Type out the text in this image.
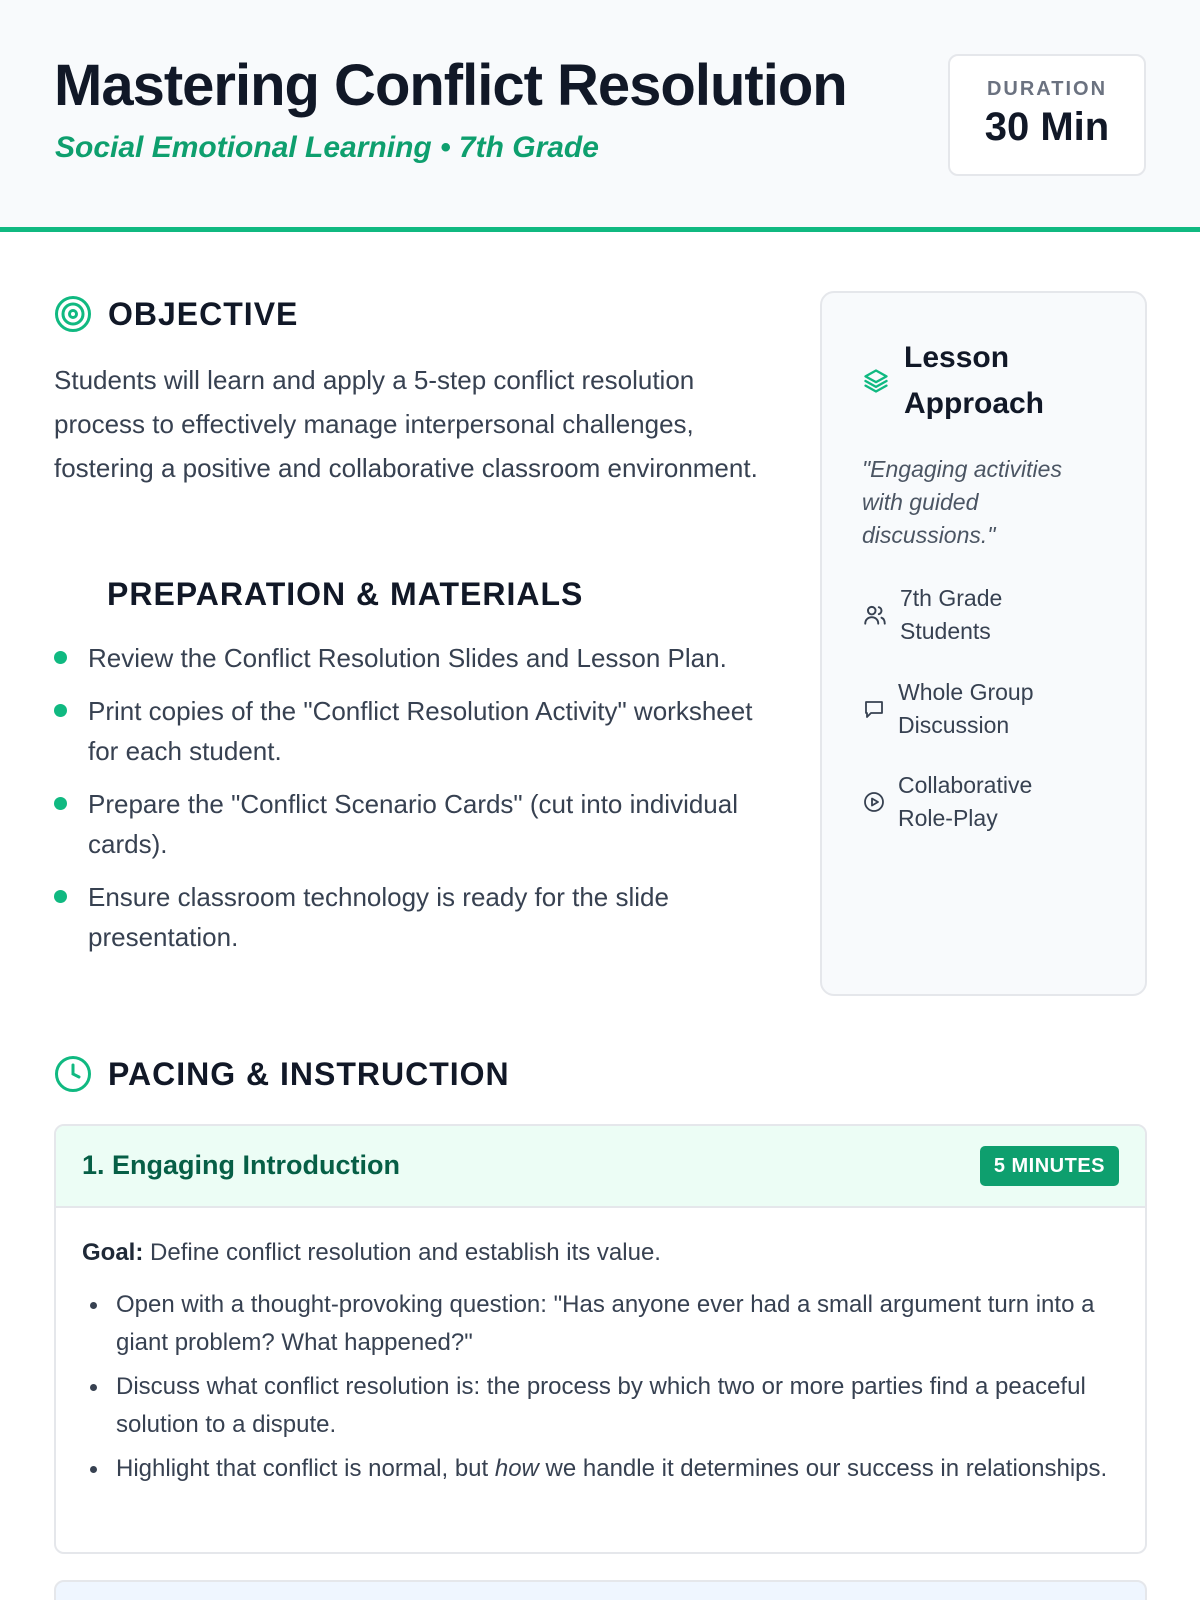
Mastering Conflict Resolution
Social Emotional Learning • 7th Grade
DURATION
30 Min
OBJECTIVE

Students will learn and apply a 5-step conflict resolution process to effectively manage interpersonal challenges, fostering a positive and collaborative classroom environment.

PREPARATION & MATERIALS
Review the Conflict Resolution Slides and Lesson Plan.
Print copies of the "Conflict Resolution Activity" worksheet for each student.
Prepare the "Conflict Scenario Cards" (cut into individual cards).
Ensure classroom technology is ready for the slide presentation.
Lesson Approach

"Engaging activities with guided discussions."

7th Grade Students
Whole Group Discussion
Collaborative Role-Play
PACING & INSTRUCTION
1. Engaging Introduction	5 MINUTES

Goal: Define conflict resolution and establish its value.

Open with a thought-provoking question: "Has anyone ever had a small argument turn into a giant problem? What happened?"
Discuss what conflict resolution is: the process by which two or more parties find a peaceful solution to a dispute.
Highlight that conflict is normal, but how we handle it determines our success in relationships.
